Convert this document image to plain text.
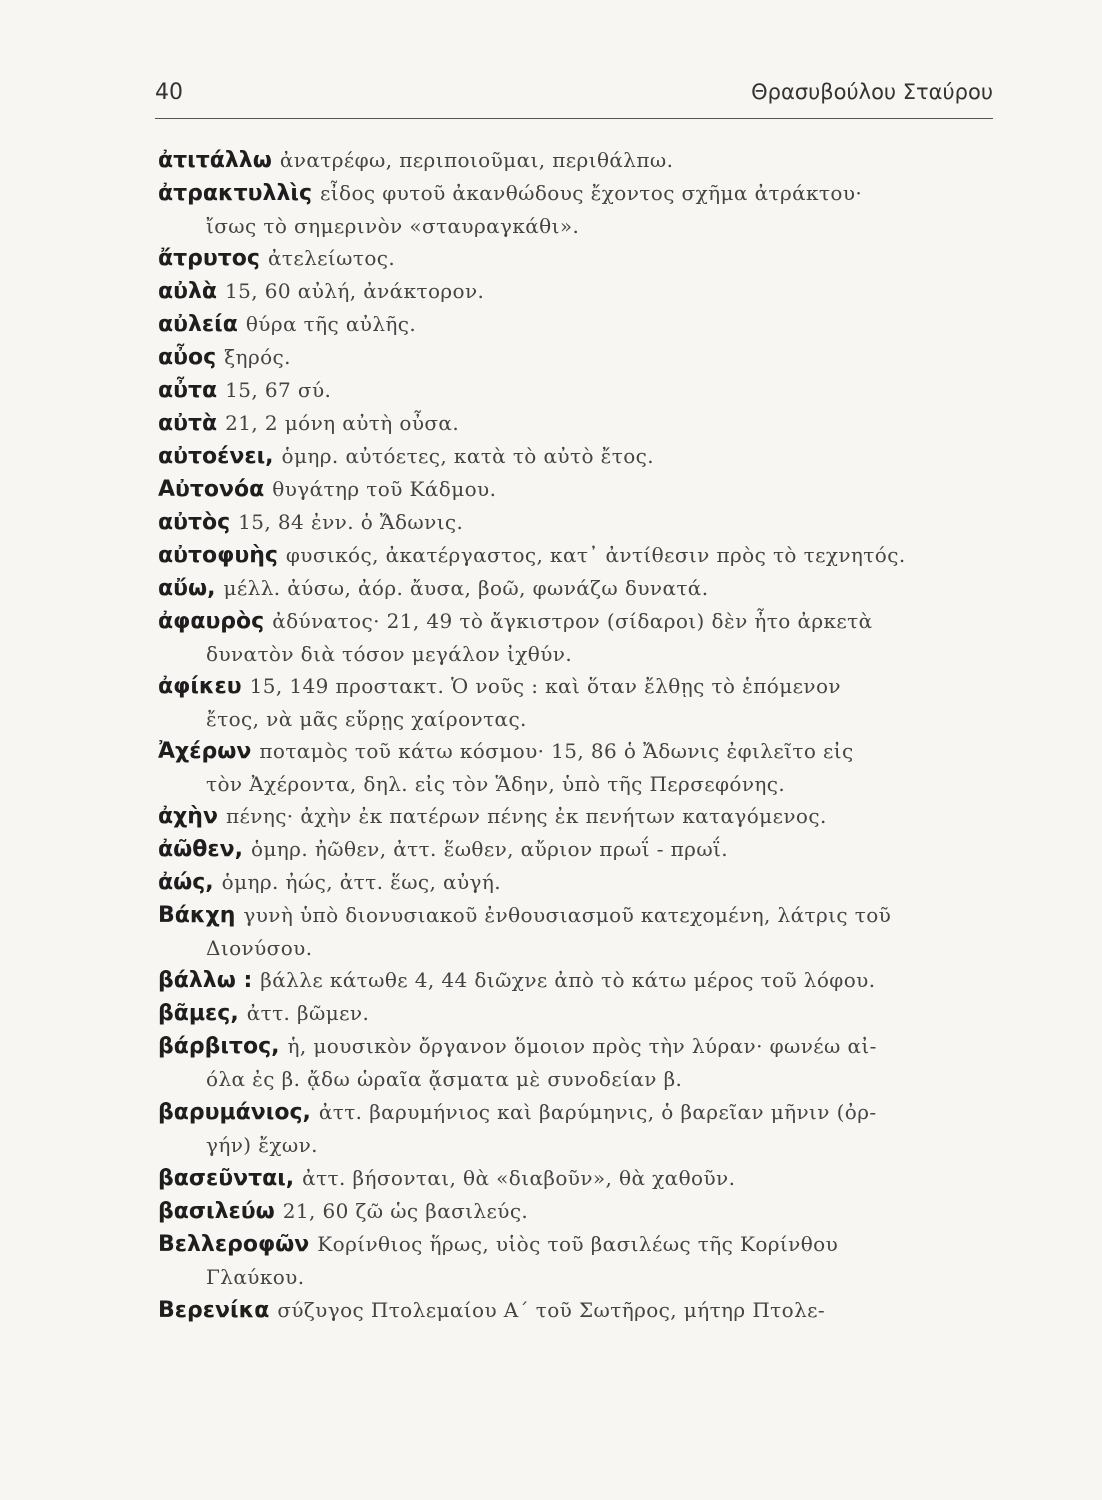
40	Θρασυβούλου Σταύρου

ἀτιτάλλω ἀνατρέφω, περιποιοῦμαι, περιθάλπω.

ἀτρακτυλλὶς εἶδος φυτοῦ ἀκανθώδους ἔχοντος σχῆμα ἀτράκτου·
ἴσως τὸ σημερινὸν «σταυραγκάθι».

ἄτρυτος ἀτελείωτος.

αὐλὰ 15, 60 αὐλή, ἀνάκτορον.

αὐλεία θύρα τῆς αὐλῆς.

αὖος ξηρός.

αὖτα 15, 67 σύ.

αὐτὰ 21, 2 μόνη αὐτὴ οὖσα.

αὐτοένει, ὁμηρ. αὐτόετες, κατὰ τὸ αὐτὸ ἔτος.

Αὐτονόα θυγάτηρ τοῦ Κάδμου.

αὐτὸς 15, 84 ἐνν. ὁ Ἄδωνις.

αὐτοφυὴς φυσικός, ἀκατέργαστος, κατ᾽ ἀντίθεσιν πρὸς τὸ τεχνητός.

αὔω, μέλλ. ἀύσω, ἀόρ. ἄυσα, βοῶ, φωνάζω δυνατά.

ἀφαυρὸς ἀδύνατος· 21, 49 τὸ ἄγκιστρον (σίδαροι) δὲν ἦτο ἀρκετὰ
δυνατὸν διὰ τόσον μεγάλον ἰχθύν.

ἀφίκευ 15, 149 προστακτ. Ὁ νοῦς : καὶ ὅταν ἔλθῃς τὸ ἑπόμενον
ἔτος, νὰ μᾶς εὕρῃς χαίροντας.

Ἀχέρων ποταμὸς τοῦ κάτω κόσμου· 15, 86 ὁ Ἄδωνις ἐφιλεῖτο εἰς
τὸν Ἀχέροντα, δηλ. εἰς τὸν Ἅδην, ὑπὸ τῆς Περσεφόνης.

ἀχὴν πένης· ἀχὴν ἐκ πατέρων πένης ἐκ πενήτων καταγόμενος.

ἀῶθεν, ὁμηρ. ἠῶθεν, ἀττ. ἕωθεν, αὔριον πρωΐ - πρωΐ.

ἀώς, ὁμηρ. ἠώς, ἀττ. ἕως, αὐγή.

Βάκχη γυνὴ ὑπὸ διονυσιακοῦ ἐνθουσιασμοῦ κατεχομένη, λάτρις τοῦ
Διονύσου.

βάλλω : βάλλε κάτωθε 4, 44 διῶχνε ἀπὸ τὸ κάτω μέρος τοῦ λόφου.

βᾶμες, ἀττ. βῶμεν.

βάρβιτος, ἡ, μουσικὸν ὄργανον ὅμοιον πρὸς τὴν λύραν· φωνέω αἰ-
όλα ἐς β. ᾄδω ὡραῖα ᾄσματα μὲ συνοδείαν β.

βαρυμάνιος, ἀττ. βαρυμήνιος καὶ βαρύμηνις, ὁ βαρεῖαν μῆνιν (ὀρ-
γήν) ἔχων.

βασεῦνται, ἀττ. βήσονται, θὰ «διαβοῦν», θὰ χαθοῦν.

βασιλεύω 21, 60 ζῶ ὡς βασιλεύς.

Βελλεροφῶν Κορίνθιος ἥρως, υἱὸς τοῦ βασιλέως τῆς Κορίνθου
Γλαύκου.

Βερενίκα σύζυγος Πτολεμαίου Α΄ τοῦ Σωτῆρος, μήτηρ Πτολε-
